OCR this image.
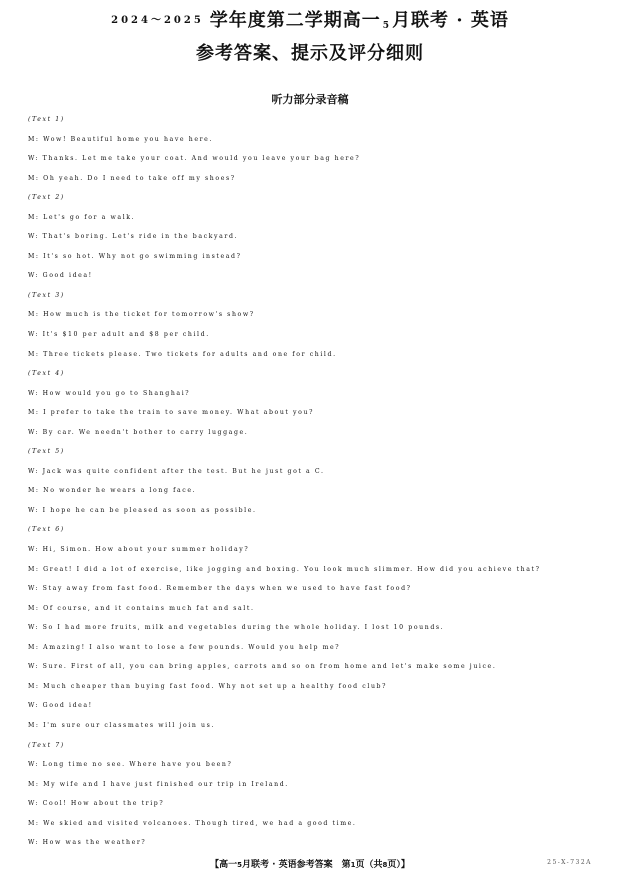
2024～2025 学年度第二学期高一 5 月联考 · 英语
参考答案、提示及评分细则
听力部分录音稿
(Text 1)
M: Wow! Beautiful home you have here.
W: Thanks. Let me take your coat. And would you leave your bag here?
M: Oh yeah. Do I need to take off my shoes?
(Text 2)
M: Let's go for a walk.
W: That's boring. Let's ride in the backyard.
M: It's so hot. Why not go swimming instead?
W: Good idea!
(Text 3)
M: How much is the ticket for tomorrow's show?
W: It's $10 per adult and $8 per child.
M: Three tickets please. Two tickets for adults and one for child.
(Text 4)
W: How would you go to Shanghai?
M: I prefer to take the train to save money. What about you?
W: By car. We needn't bother to carry luggage.
(Text 5)
W: Jack was quite confident after the test. But he just got a C.
M: No wonder he wears a long face.
W: I hope he can be pleased as soon as possible.
(Text 6)
W: Hi, Simon. How about your summer holiday?
M: Great! I did a lot of exercise, like jogging and boxing. You look much slimmer. How did you achieve that?
W: Stay away from fast food. Remember the days when we used to have fast food?
M: Of course, and it contains much fat and salt.
W: So I had more fruits, milk and vegetables during the whole holiday. I lost 10 pounds.
M: Amazing! I also want to lose a few pounds. Would you help me?
W: Sure. First of all, you can bring apples, carrots and so on from home and let's make some juice.
M: Much cheaper than buying fast food. Why not set up a healthy food club?
W: Good idea!
M: I'm sure our classmates will join us.
(Text 7)
W: Long time no see. Where have you been?
M: My wife and I have just finished our trip in Ireland.
W: Cool! How about the trip?
M: We skied and visited volcanoes. Though tired, we had a good time.
W: How was the weather?
【高一5月联考 · 英语参考答案　第1页（共8页）】	25-X-732A
